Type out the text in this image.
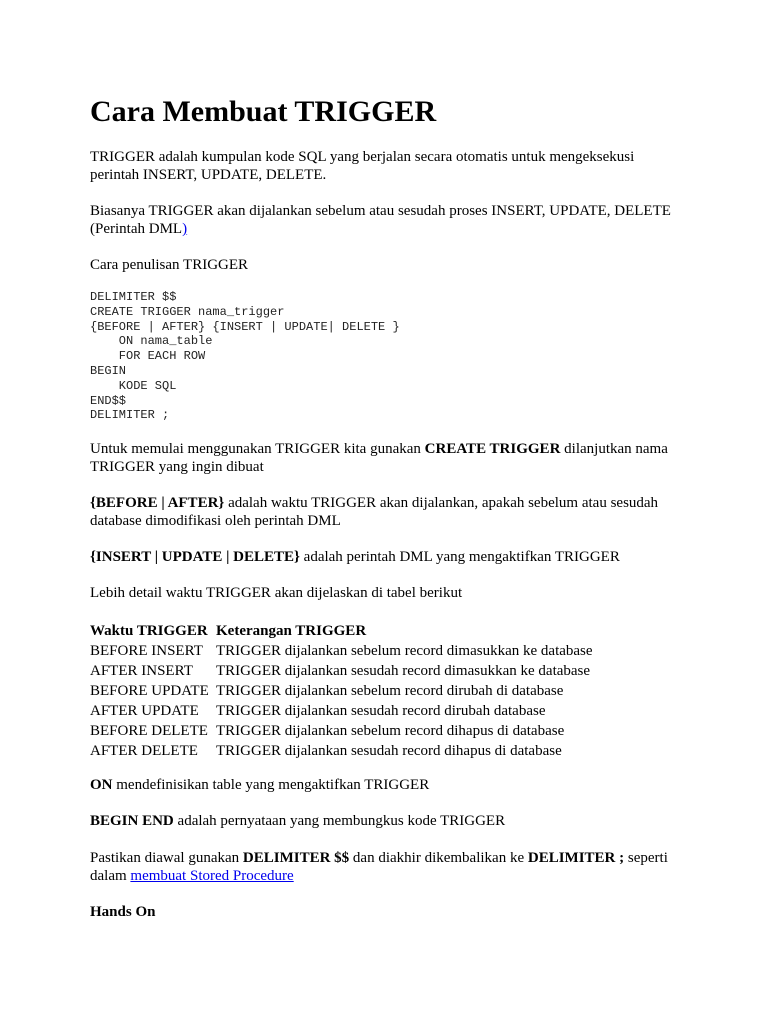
Cara Membuat TRIGGER

TRIGGER adalah kumpulan kode SQL yang berjalan secara otomatis untuk mengeksekusi
perintah INSERT, UPDATE, DELETE.

Biasanya TRIGGER akan dijalankan sebelum atau sesudah proses INSERT, UPDATE, DELETE
(Perintah DML)

Cara penulisan TRIGGER

DELIMITER $$
CREATE TRIGGER nama_trigger
{BEFORE | AFTER} {INSERT | UPDATE| DELETE }
ON nama_table
FOR EACH ROW
BEGIN
KODE SQL
END$$
DELIMITER ;

Untuk memulai menggunakan TRIGGER kita gunakan CREATE TRIGGER dilanjutkan nama
TRIGGER yang ingin dibuat

{BEFORE | AFTER} adalah waktu TRIGGER akan dijalankan, apakah sebelum atau sesudah
database dimodifikasi oleh perintah DML

{INSERT | UPDATE | DELETE} adalah perintah DML yang mengaktifkan TRIGGER

Lebih detail waktu TRIGGER akan dijelaskan di tabel berikut

Waktu TRIGGER	Keterangan TRIGGER
BEFORE INSERT	TRIGGER dijalankan sebelum record dimasukkan ke database
AFTER INSERT	TRIGGER dijalankan sesudah record dimasukkan ke database
BEFORE UPDATE	TRIGGER dijalankan sebelum record dirubah di database
AFTER UPDATE	TRIGGER dijalankan sesudah record dirubah database
BEFORE DELETE	TRIGGER dijalankan sebelum record dihapus di database
AFTER DELETE	TRIGGER dijalankan sesudah record dihapus di database

ON mendefinisikan table yang mengaktifkan TRIGGER

BEGIN END adalah pernyataan yang membungkus kode TRIGGER

Pastikan diawal gunakan DELIMITER $$ dan diakhir dikembalikan ke DELIMITER ; seperti
dalam membuat Stored Procedure

Hands On
